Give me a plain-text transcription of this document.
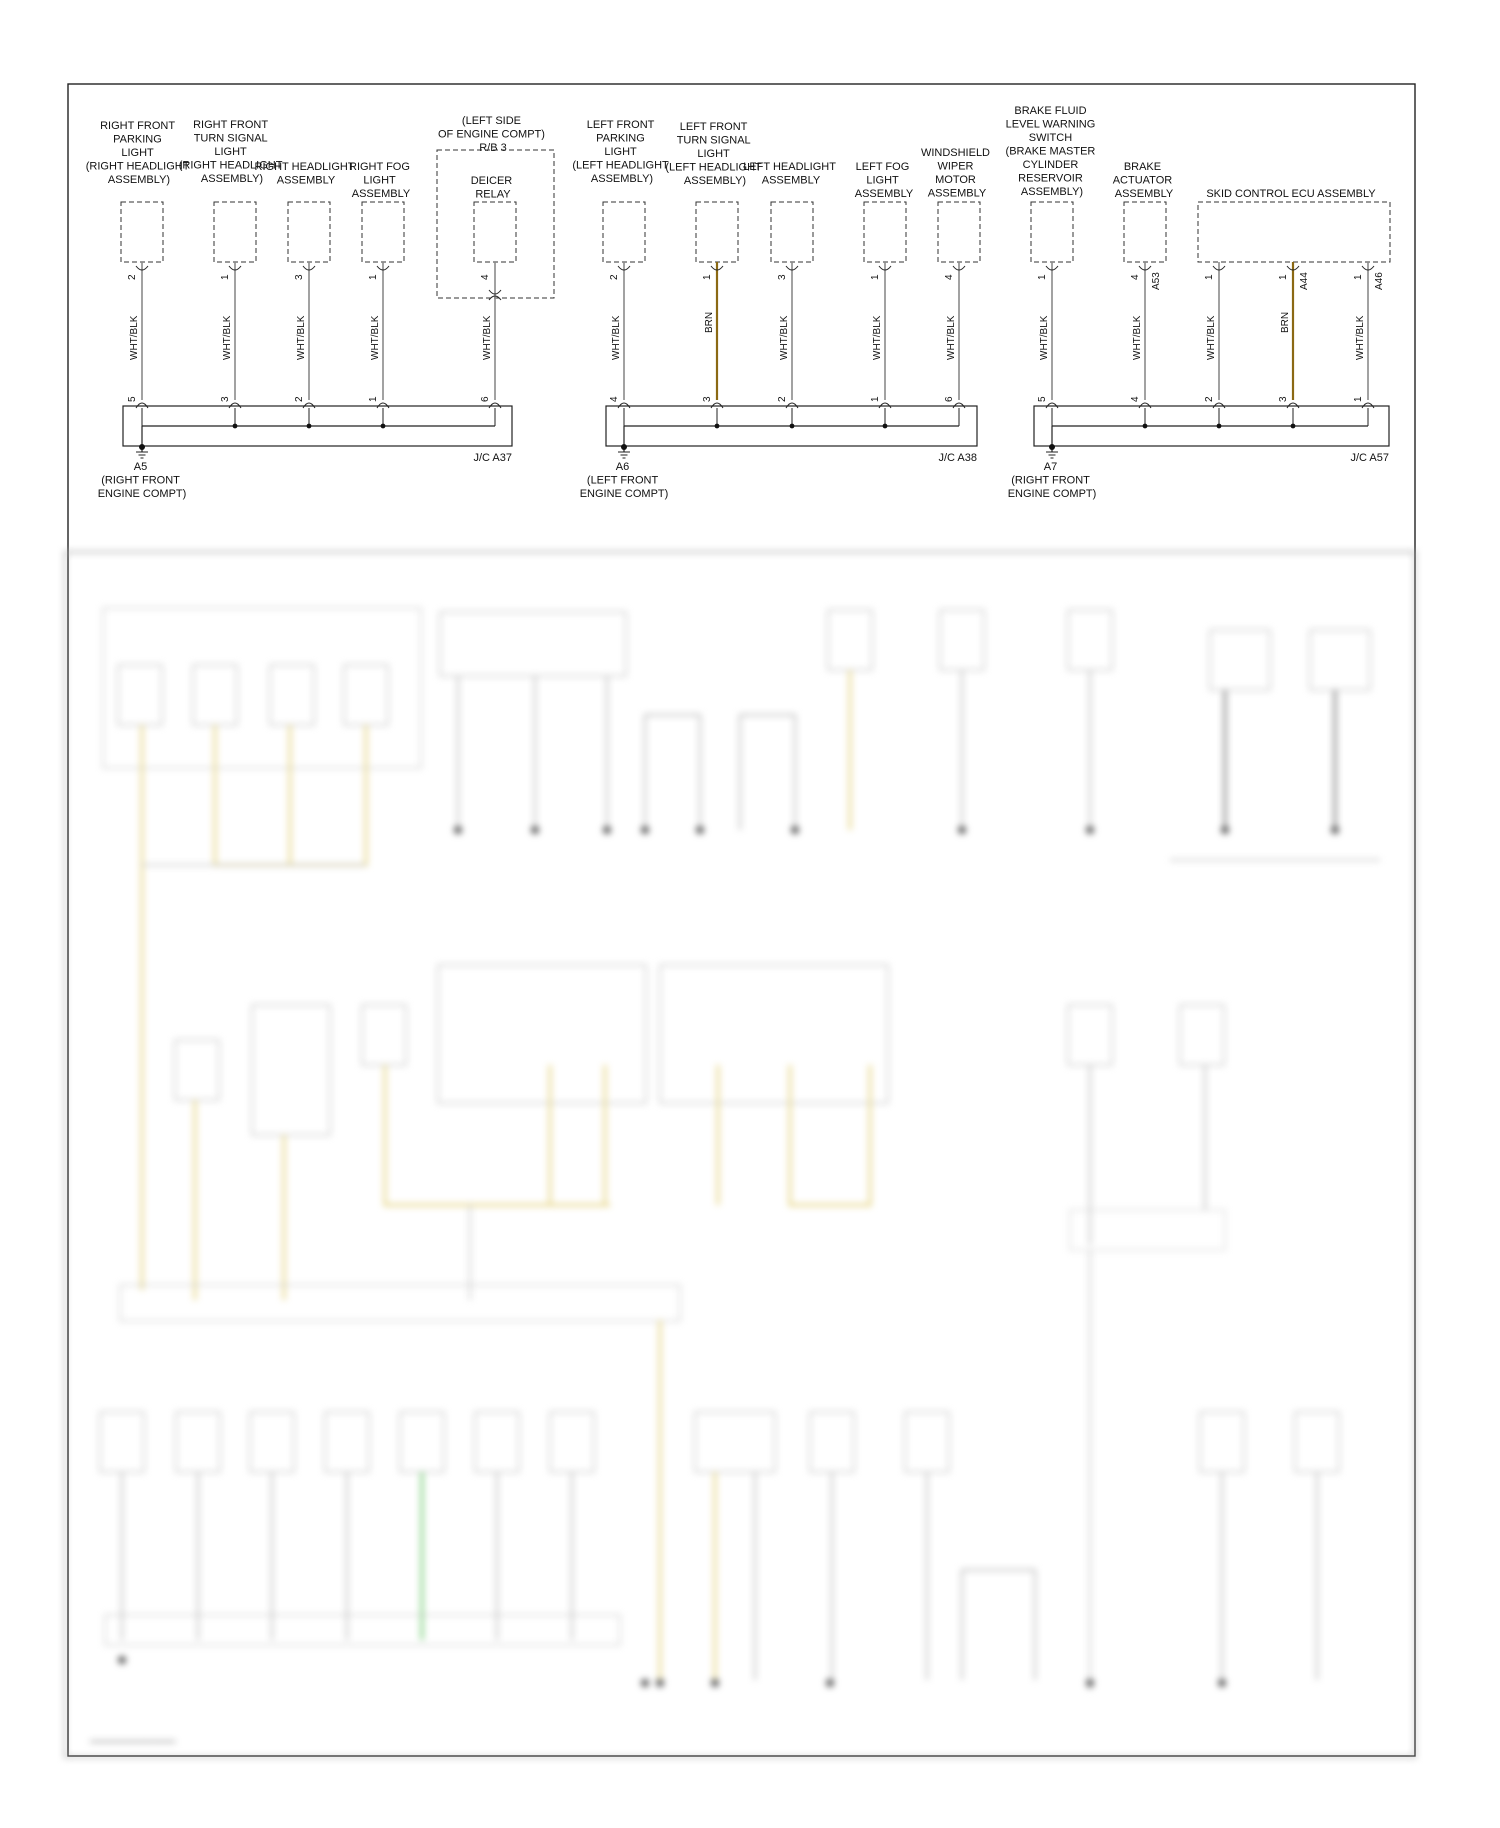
RIGHT FRONT PARKING LIGHT (RIGHT HEADLIGHT ASSEMBLY)
RIGHT FRONT TURN SIGNAL LIGHT (RIGHT HEADLIGHT ASSEMBLY)
RIGHT HEADLIGHT ASSEMBLY
RIGHT FOG LIGHT ASSEMBLY
(LEFT SIDE OF ENGINE COMPT) R/B 3
DEICER RELAY
2	1	3	1	4
WHT/BLK	WHT/BLK	WHT/BLK	WHT/BLK	WHT/BLK
5	3	2	1	6
J/C A37
A5 (RIGHT FRONT ENGINE COMPT)
LEFT FRONT PARKING LIGHT (LEFT HEADLIGHT ASSEMBLY)
LEFT FRONT TURN SIGNAL LIGHT (LEFT HEADLIGHT ASSEMBLY)
LEFT HEADLIGHT ASSEMBLY
LEFT FOG LIGHT ASSEMBLY
WINDSHIELD WIPER MOTOR ASSEMBLY
2	1	3	1	4
WHT/BLK	BRN	WHT/BLK	WHT/BLK	WHT/BLK
4	3	2	1	6
J/C A38
A6 (LEFT FRONT ENGINE COMPT)
BRAKE FLUID LEVEL WARNING SWITCH (BRAKE MASTER CYLINDER RESERVOIR ASSEMBLY)
BRAKE ACTUATOR ASSEMBLY	SKID CONTROL ECU ASSEMBLY
1	4 A53	1	1 A44	1 A46
WHT/BLK	WHT/BLK	WHT/BLK	BRN	WHT/BLK
5	4	2	3	1
J/C A57
A7 (RIGHT FRONT ENGINE COMPT)
───────────
